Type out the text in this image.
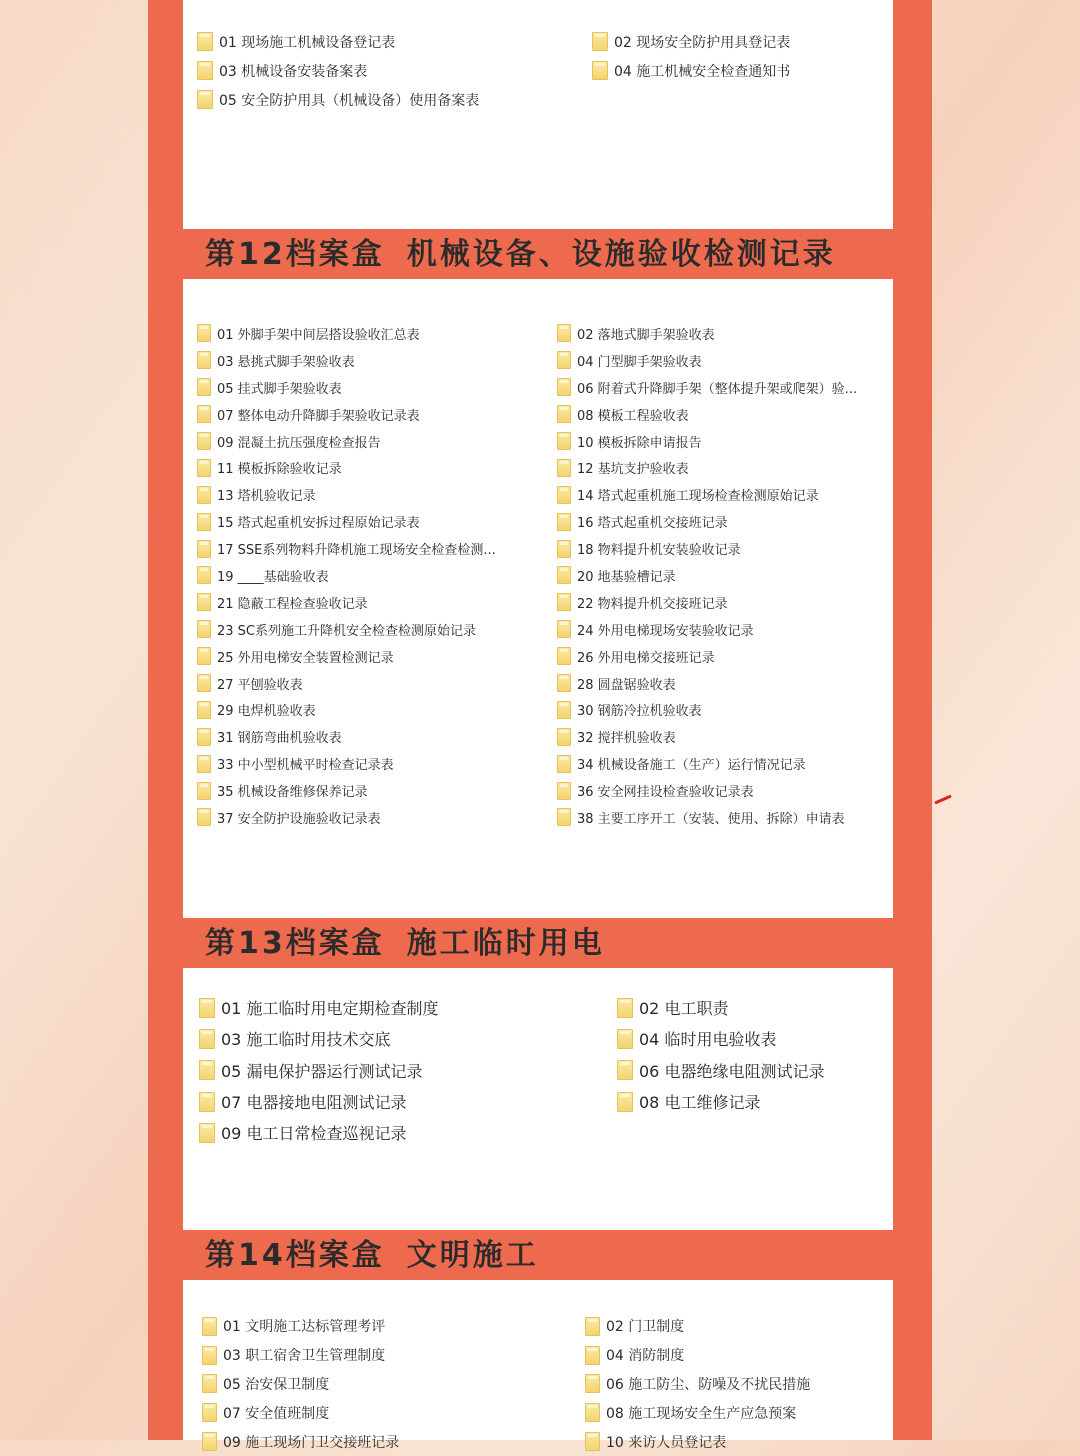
01 现场施工机械设备登记表
03 机械设备安装备案表
05 安全防护用具（机械设备）使用备案表
02 现场安全防护用具登记表
04 施工机械安全检查通知书
第12档案盒 机械设备、设施验收检测记录
01 外脚手架中间层搭设验收汇总表
03 悬挑式脚手架验收表
05 挂式脚手架验收表
07 整体电动升降脚手架验收记录表
09 混凝土抗压强度检查报告
11 模板拆除验收记录
13 塔机验收记录
15 塔式起重机安拆过程原始记录表
17 SSE系列物料升降机施工现场安全检查检测...
19 ____基础验收表
21 隐蔽工程检查验收记录
23 SC系列施工升降机安全检查检测原始记录
25 外用电梯安全装置检测记录
27 平刨验收表
29 电焊机验收表
31 钢筋弯曲机验收表
33 中小型机械平时检查记录表
35 机械设备维修保养记录
37 安全防护设施验收记录表
02 落地式脚手架验收表
04 门型脚手架验收表
06 附着式升降脚手架（整体提升架或爬架）验...
08 模板工程验收表
10 模板拆除申请报告
12 基坑支护验收表
14 塔式起重机施工现场检查检测原始记录
16 塔式起重机交接班记录
18 物料提升机安装验收记录
20 地基验槽记录
22 物料提升机交接班记录
24 外用电梯现场安装验收记录
26 外用电梯交接班记录
28 圆盘锯验收表
30 钢筋冷拉机验收表
32 搅拌机验收表
34 机械设备施工（生产）运行情况记录
36 安全网挂设检查验收记录表
38 主要工序开工（安装、使用、拆除）申请表
第13档案盒 施工临时用电
01 施工临时用电定期检查制度
03 施工临时用技术交底
05 漏电保护器运行测试记录
07 电器接地电阻测试记录
09 电工日常检查巡视记录
02 电工职责
04 临时用电验收表
06 电器绝缘电阻测试记录
08 电工维修记录
第14档案盒 文明施工
01 文明施工达标管理考评
03 职工宿舍卫生管理制度
05 治安保卫制度
07 安全值班制度
09 施工现场门卫交接班记录
02 门卫制度
04 消防制度
06 施工防尘、防噪及不扰民措施
08 施工现场安全生产应急预案
10 来访人员登记表
